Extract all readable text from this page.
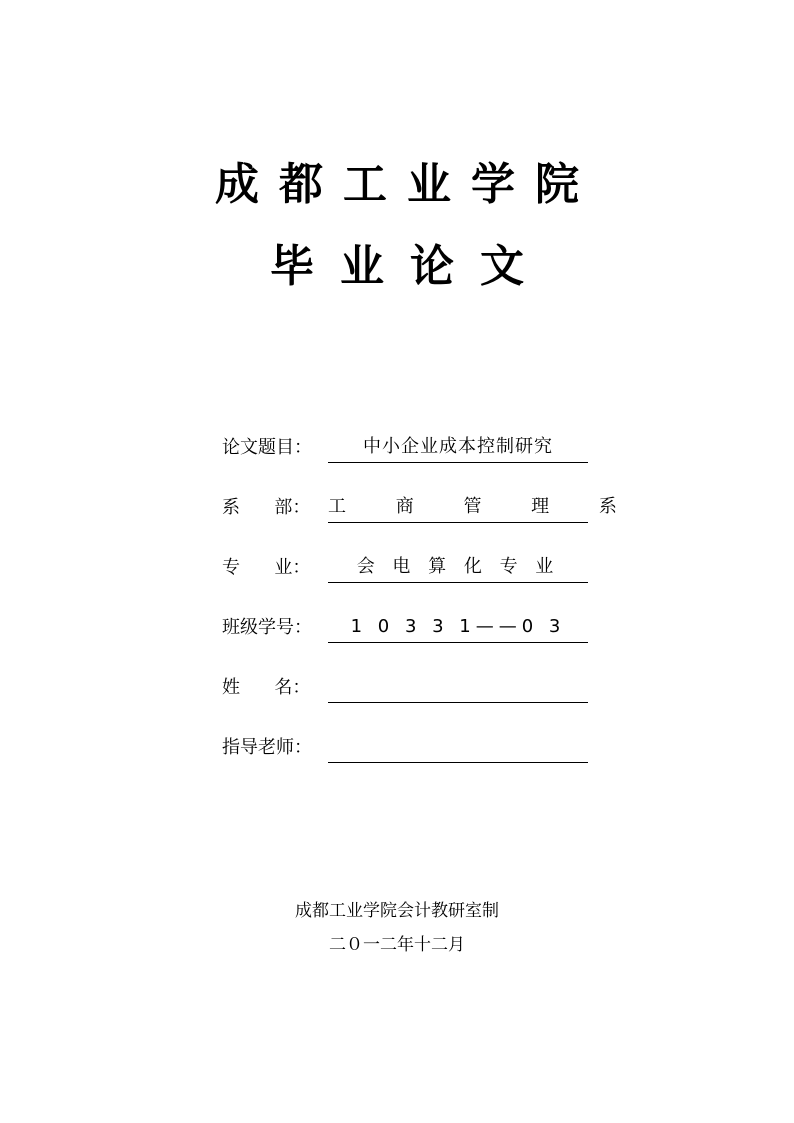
成都工业学院
毕业论文
论文题目：	中小企业成本控制研究
系      部： 工 商 管 理 系
专      业：	会 电 算 化 专 业
班级学号：	1 0 3 3 1——0 3
姓      名：
指导老师：
成都工业学院会计教研室制
二０一二年十二月
